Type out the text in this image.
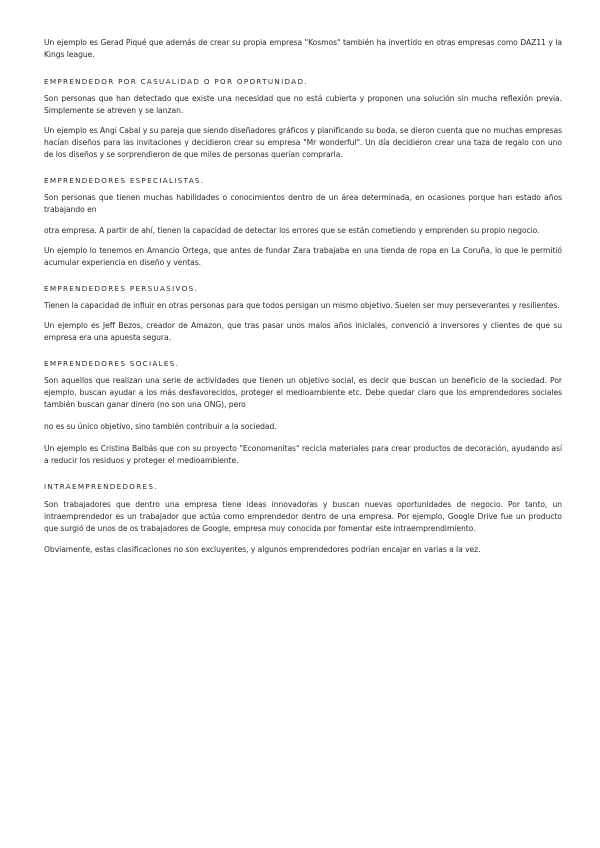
Un ejemplo es Gerad Piqué que además de crear su propia empresa "Kosmos" también ha invertido en otras empresas como DAZ11 y la Kings league.

EMPRENDEDOR POR CASUALIDAD O POR OPORTUNIDAD.

Son personas que han detectado que existe una necesidad que no está cubierta y proponen una solución sin mucha reflexión previa. Simplemente se atreven y se lanzan.

Un ejemplo es Angi Cabal y su pareja que siendo diseñadores gráficos y planificando su boda, se dieron cuenta que no muchas empresas hacían diseños para las invitaciones y decidieron crear su empresa "Mr wonderful". Un día decidieron crear una taza de regalo con uno de los diseños y se sorprendieron de que miles de personas querían comprarla.

EMPRENDEDORES ESPECIALISTAS.

Son personas que tienen muchas habilidades o conocimientos dentro de un área determinada, en ocasiones porque han estado años trabajando en

otra empresa. A partir de ahí, tienen la capacidad de detectar los errores que se están cometiendo y emprenden su propio negocio.

Un ejemplo lo tenemos en Amancio Ortega, que antes de fundar Zara trabajaba en una tienda de ropa en La Coruña, lo que le permitió acumular experiencia en diseño y ventas.

EMPRENDEDORES PERSUASIVOS.

Tienen la capacidad de influir en otras personas para que todos persigan un mismo objetivo. Suelen ser muy perseverantes y resilientes.

Un ejemplo es Jeff Bezos, creador de Amazon, que tras pasar unos malos años iniciales, convenció a inversores y clientes de que su empresa era una apuesta segura.

EMPRENDEDORES SOCIALES.

Son aquellos que realizan una serie de actividades que tienen un objetivo social, es decir que buscan un beneficio de la sociedad. Por ejemplo, buscan ayudar a los más desfavorecidos, proteger el medioambiente etc. Debe quedar claro que los emprendedores sociales también buscan ganar dinero (no son una ONG), pero

no es su único objetivo, sino también contribuir a la sociedad.

Un ejemplo es Cristina Balbás que con su proyecto "Economanitas" recicla materiales para crear productos de decoración, ayudando así a reducir los residuos y proteger el medioambiente.

INTRAEMPRENDEDORES.

Son trabajadores que dentro una empresa tiene ideas innovadoras y buscan nuevas oportunidades de negocio. Por tanto, un intraemprendedor es un trabajador que actúa como emprendedor dentro de una empresa. Por ejemplo, Google Drive fue un producto que surgió de unos de os trabajadores de Google, empresa muy conocida por fomentar este intraemprendimiento.

Obviamente, estas clasificaciones no son excluyentes, y algunos emprendedores podrían encajar en varias a la vez.
